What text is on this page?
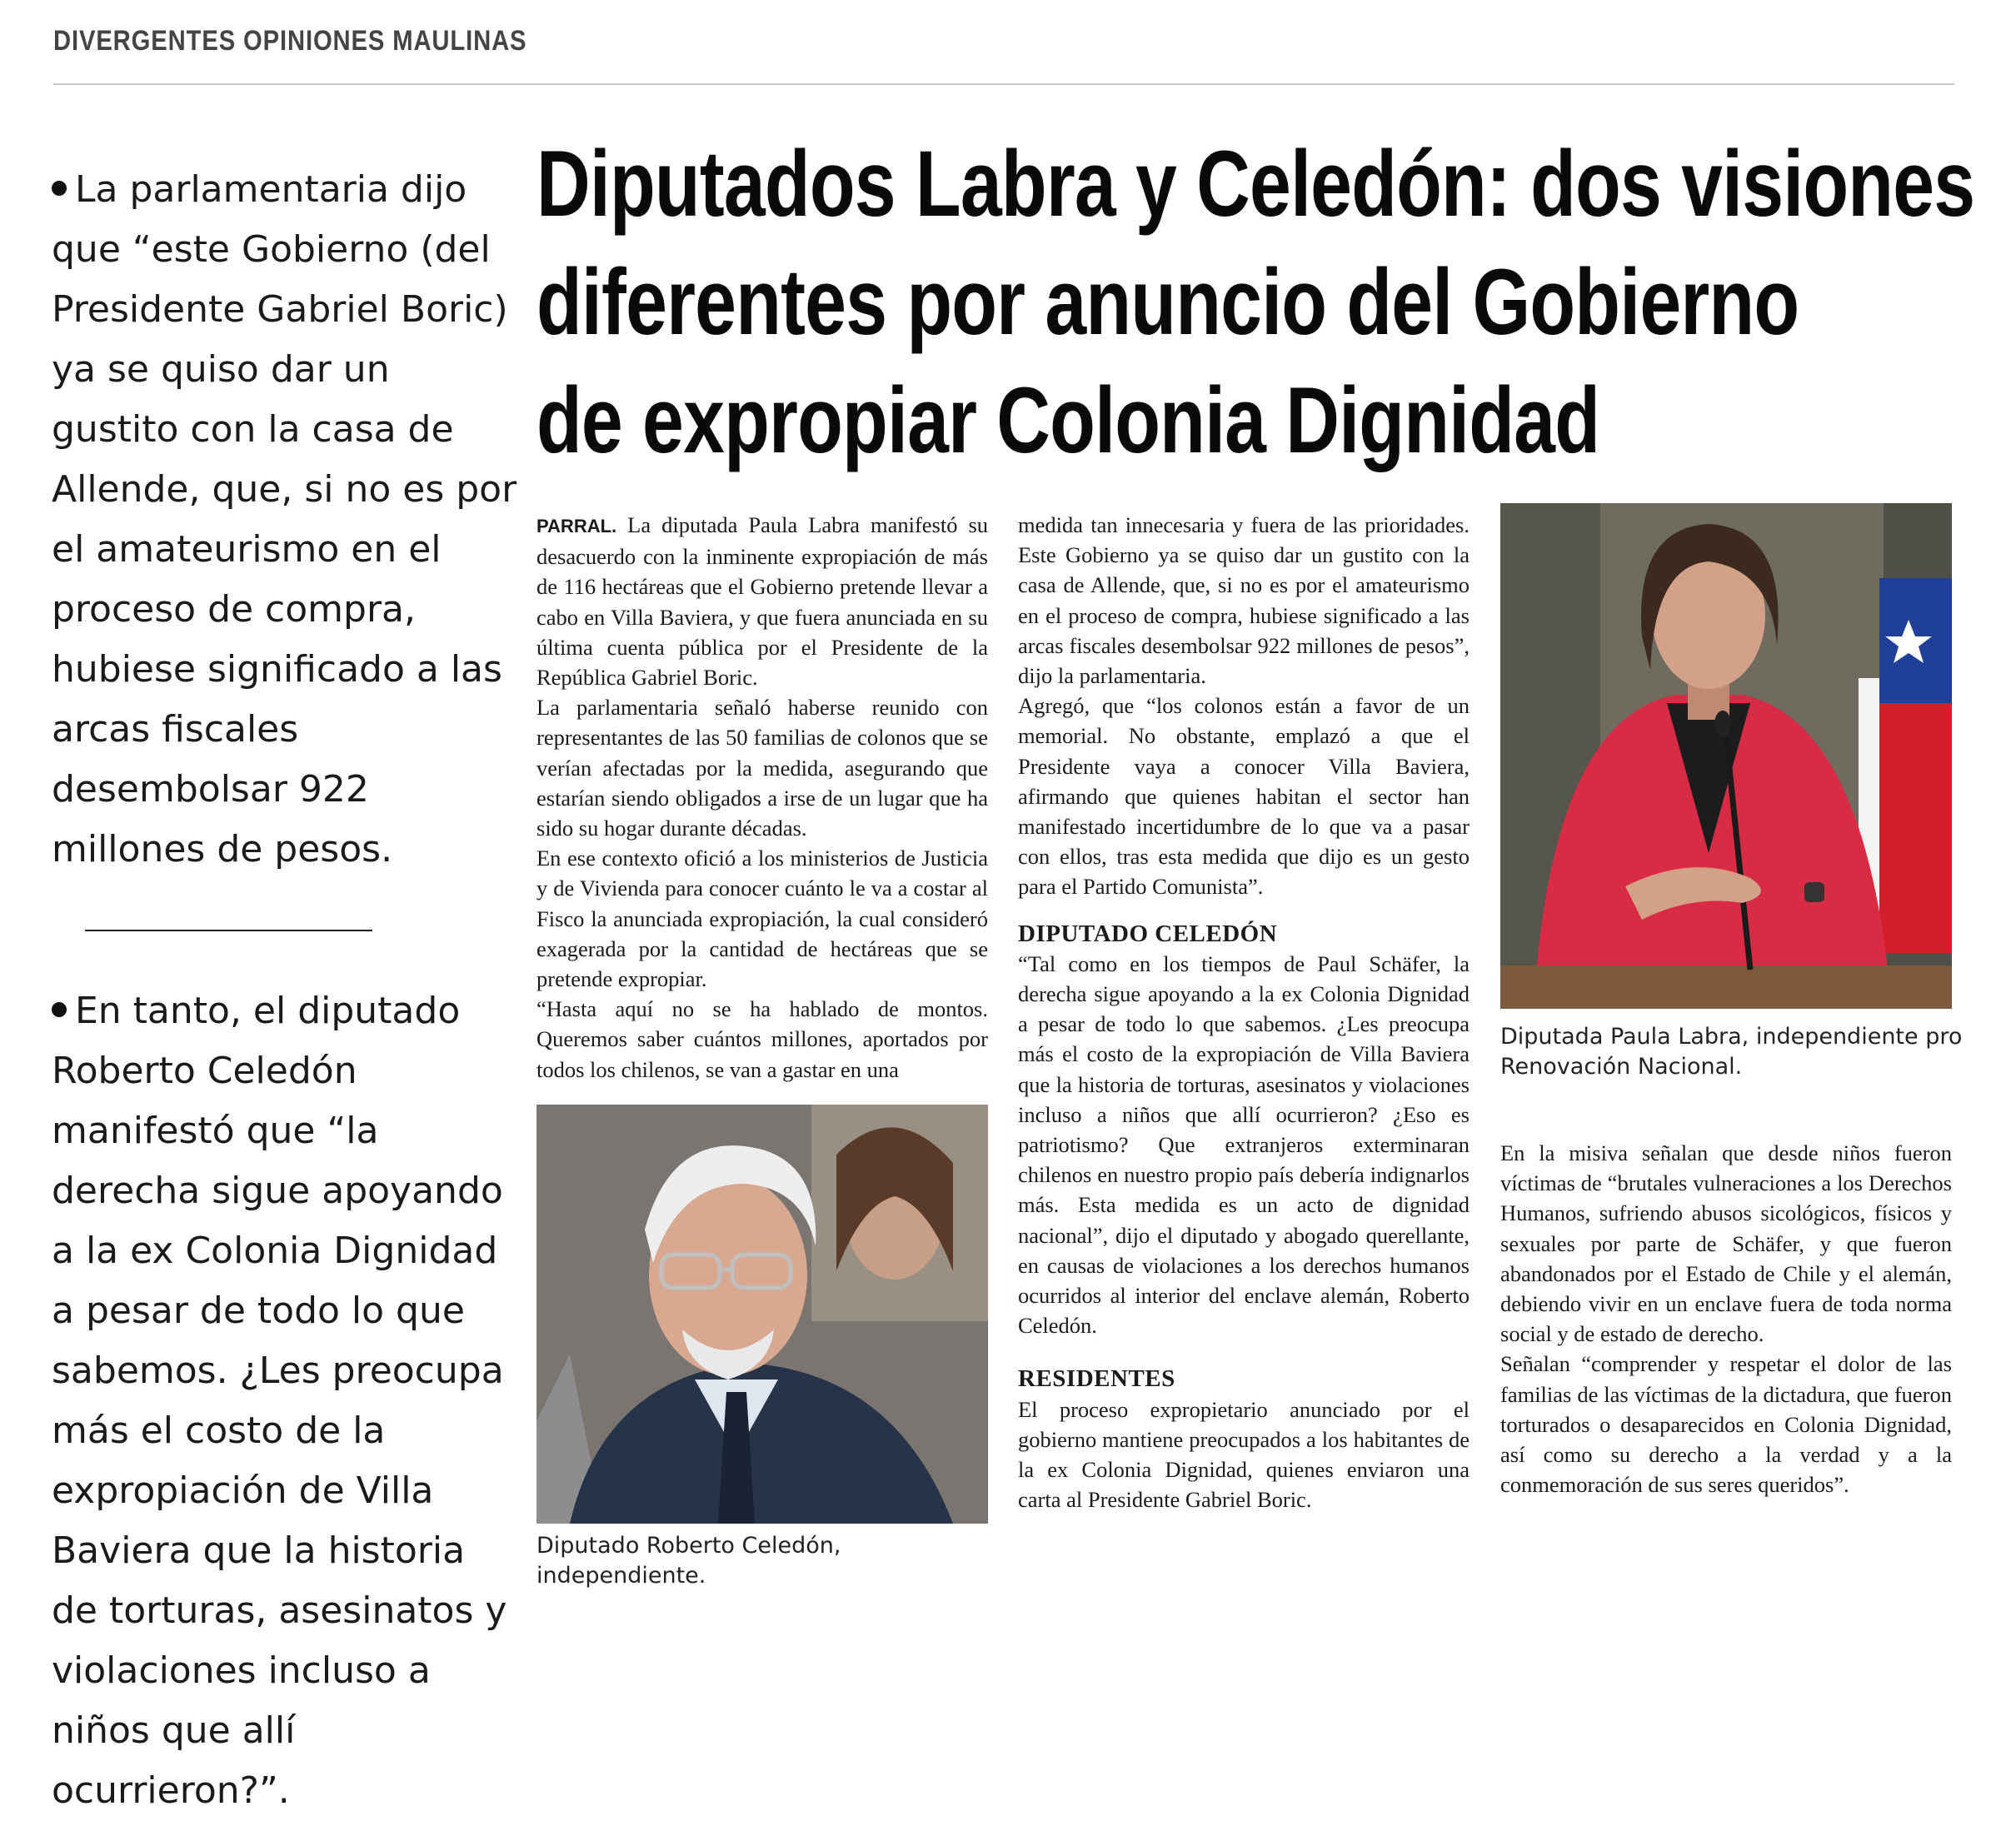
DIVERGENTES OPINIONES MAULINAS

La parlamentaria dijo que “este Gobierno (del Presidente Gabriel Boric) ya se quiso dar un gustito con la casa de Allende, que, si no es por el amateurismo en el proceso de compra, hubiese significado a las arcas fiscales desembolsar 922 millones de pesos.

En tanto, el diputado Roberto Celedón manifestó que “la derecha sigue apoyando a la ex Colonia Dignidad a pesar de todo lo que sabemos. ¿Les preocupa más el costo de la expropiación de Villa Baviera que la historia de torturas, asesinatos y violaciones incluso a niños que allí ocurrieron?”.

Diputados Labra y Celedón: dos visiones
diferentes por anuncio del Gobierno
de expropiar Colonia Dignidad

PARRAL. La diputada Paula Labra manifestó su desacuerdo con la inminente expropiación de más de 116 hectáreas que el Gobierno pretende llevar a cabo en Villa Baviera, y que fuera anunciada en su última cuenta pública por el Presidente de la República Gabriel Boric.

La parlamentaria señaló haberse reunido con representantes de las 50 familias de colonos que se verían afectadas por la medida, asegurando que estarían siendo obligados a irse de un lugar que ha sido su hogar durante décadas.

En ese contexto ofició a los ministerios de Justicia y de Vivienda para conocer cuánto le va a costar al Fisco la anunciada expropiación, la cual consideró exagerada por la cantidad de hectáreas que se pretende expropiar.

“Hasta aquí no se ha hablado de montos. Queremos saber cuántos millones, aportados por todos los chilenos, se van a gastar en una

Diputado Roberto Celedón, independiente.

medida tan innecesaria y fuera de las prioridades. Este Gobierno ya se quiso dar un gustito con la casa de Allende, que, si no es por el amateurismo en el proceso de compra, hubiese significado a las arcas fiscales desembolsar 922 millones de pesos”, dijo la parlamentaria.

Agregó, que “los colonos están a favor de un memorial. No obstante, emplazó a que el Presidente vaya a conocer Villa Baviera, afirmando que quienes habitan el sector han manifestado incertidumbre de lo que va a pasar con ellos, tras esta medida que dijo es un gesto para el Partido Comunista”.

DIPUTADO CELEDÓN

“Tal como en los tiempos de Paul Schäfer, la derecha sigue apoyando a la ex Colonia Dignidad a pesar de todo lo que sabemos. ¿Les preocupa más el costo de la expropiación de Villa Baviera que la historia de torturas, asesinatos y violaciones incluso a niños que allí ocurrieron? ¿Eso es patriotismo? Que extranjeros exterminaran chilenos en nuestro propio país debería indignarlos más. Esta medida es un acto de dignidad nacional”, dijo el diputado y abogado querellante, en causas de violaciones a los derechos humanos ocurridos al interior del enclave alemán, Roberto Celedón.

RESIDENTES

El proceso expropietario anunciado por el gobierno mantiene preocupados a los habitantes de la ex Colonia Dignidad, quienes enviaron una carta al Presidente Gabriel Boric.

Diputada Paula Labra, independiente pro Renovación Nacional.

En la misiva señalan que desde niños fueron víctimas de “brutales vulneraciones a los Derechos Humanos, sufriendo abusos sicológicos, físicos y sexuales por parte de Schäfer, y que fueron abandonados por el Estado de Chile y el alemán, debiendo vivir en un enclave fuera de toda norma social y de estado de derecho.

Señalan “comprender y respetar el dolor de las familias de las víctimas de la dictadura, que fueron torturados o desaparecidos en Colonia Dignidad, así como su derecho a la verdad y a la conmemoración de sus seres queridos”.
